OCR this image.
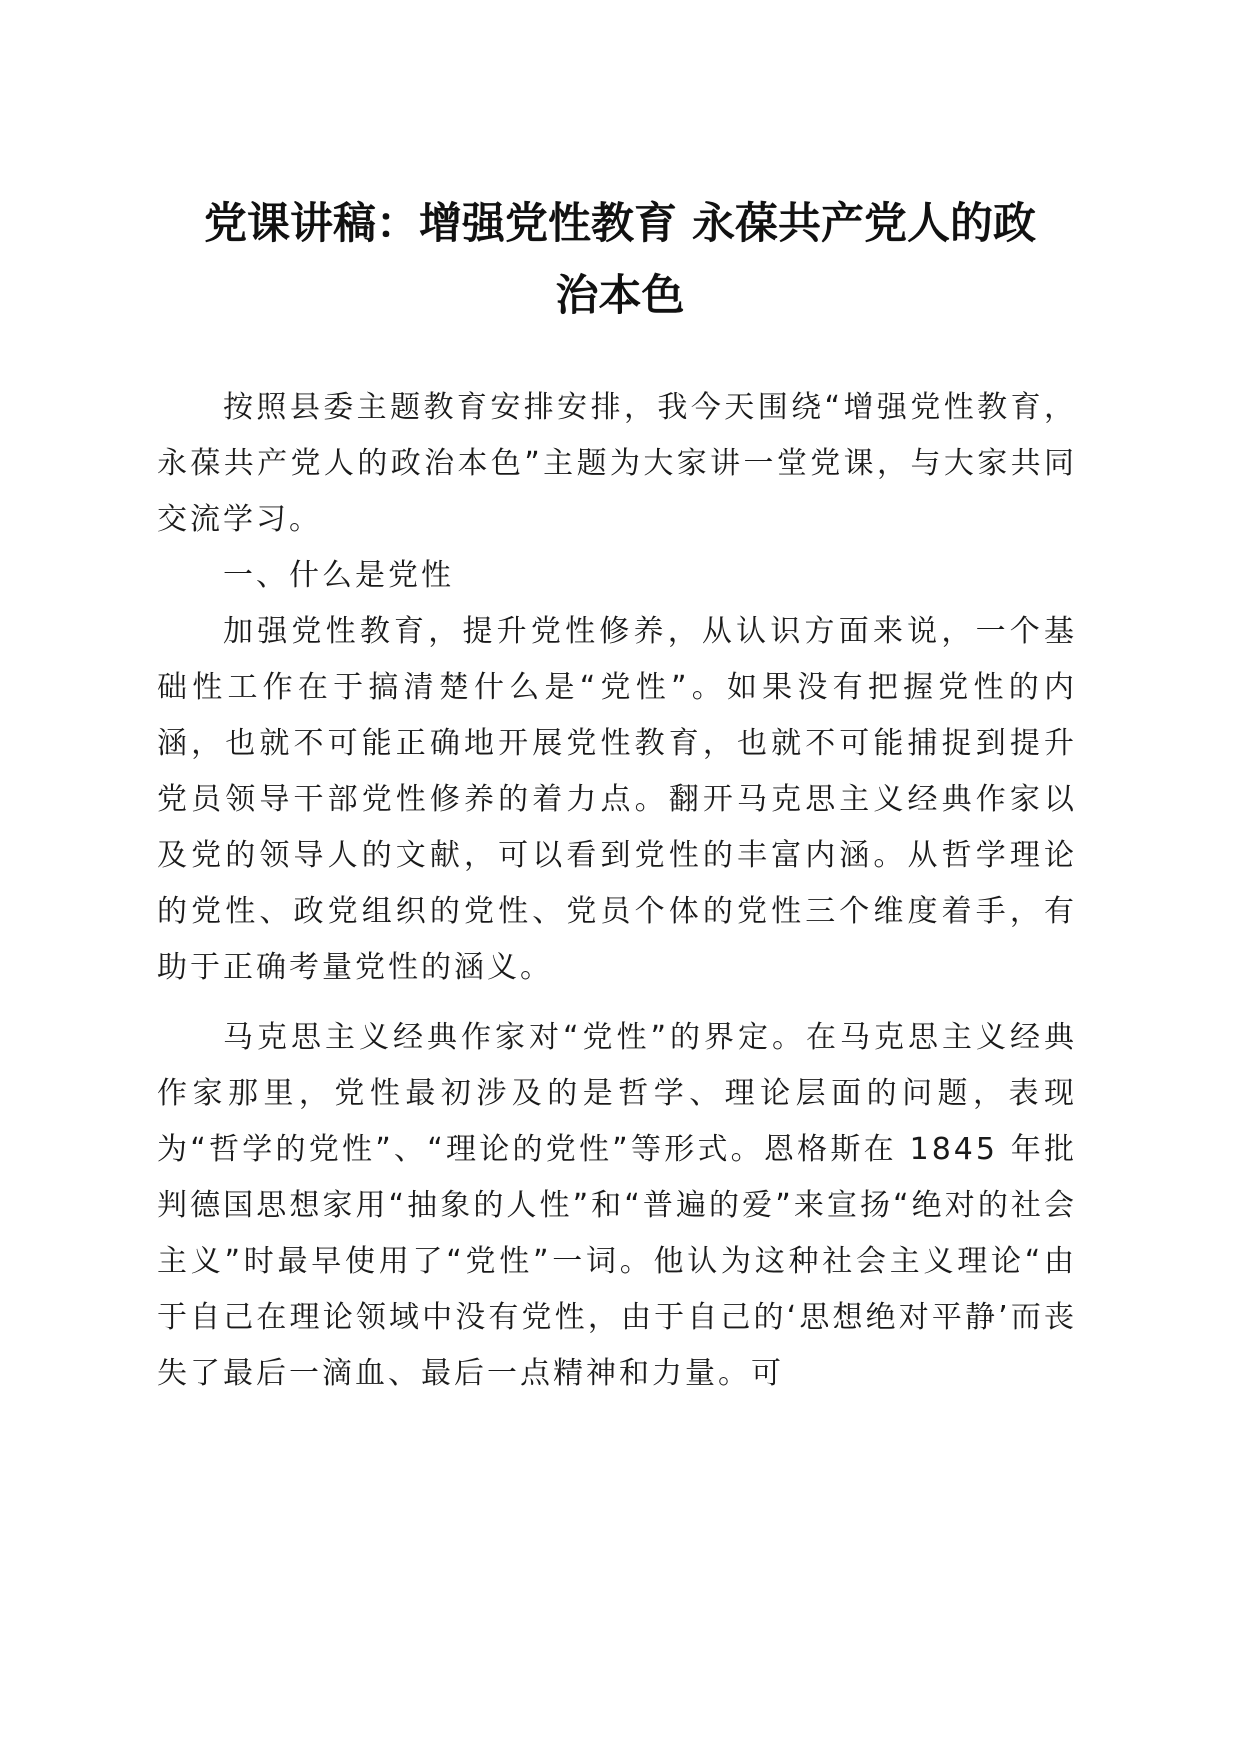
党课讲稿：增强党性教育 永葆共产党人的政
治本色

按照县委主题教育安排安排，我今天围绕“增强党性教育，永葆共产党人的政治本色”主题为大家讲一堂党课，与大家共同交流学习。

一、什么是党性

加强党性教育，提升党性修养，从认识方面来说，一个基础性工作在于搞清楚什么是“党性”。如果没有把握党性的内涵，也就不可能正确地开展党性教育，也就不可能捕捉到提升党员领导干部党性修养的着力点。翻开马克思主义经典作家以及党的领导人的文献，可以看到党性的丰富内涵。从哲学理论的党性、政党组织的党性、党员个体的党性三个维度着手，有助于正确考量党性的涵义。

马克思主义经典作家对“党性”的界定。在马克思主义经典作家那里，党性最初涉及的是哲学、理论层面的问题，表现为“哲学的党性”、“理论的党性”等形式。恩格斯在 1845 年批判德国思想家用“抽象的人性”和“普遍的爱”来宣扬“绝对的社会主义”时最早使用了“党性”一词。他认为这种社会主义理论“由于自己在理论领域中没有党性，由于自己的‘思想绝对平静’而丧失了最后一滴血、最后一点精神和力量。可
